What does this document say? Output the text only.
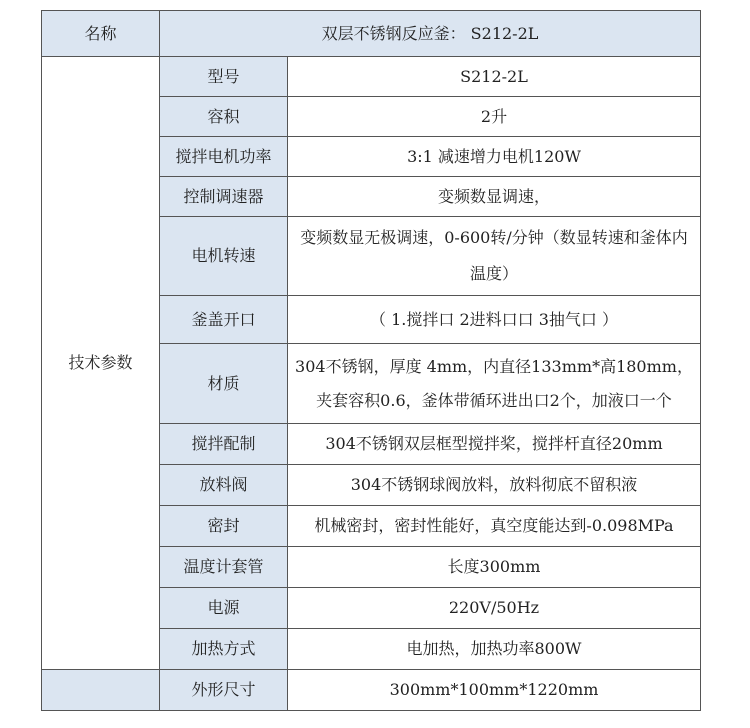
名称	双层不锈钢反应釜： S212-2L	
技术参数	型号	S212-2L
	容积	2升
	搅拌电机功率	3:1 减速增力电机120W
	控制调速器	变频数显调速，
	电机转速	变频数显无极调速，0-600转/分钟（数显转速和釜体内温度）
	釜盖开口	（ 1.搅拌口 2进料口口 3抽气口 ）
	材质	304不锈钢，厚度 4mm，内直径133mm*高180mm，夹套容积0.6，釜体带循环进出口2个，加液口一个
	搅拌配制	304不锈钢双层框型搅拌桨，搅拌杆直径20mm
	放料阀	304不锈钢球阀放料，放料彻底不留积液
	密封	机械密封，密封性能好，真空度能达到-0.098MPa
	温度计套管	长度300mm
	电源	220V/50Hz
	加热方式	电加热，加热功率800W
	外形尺寸	300mm*100mm*1220mm
